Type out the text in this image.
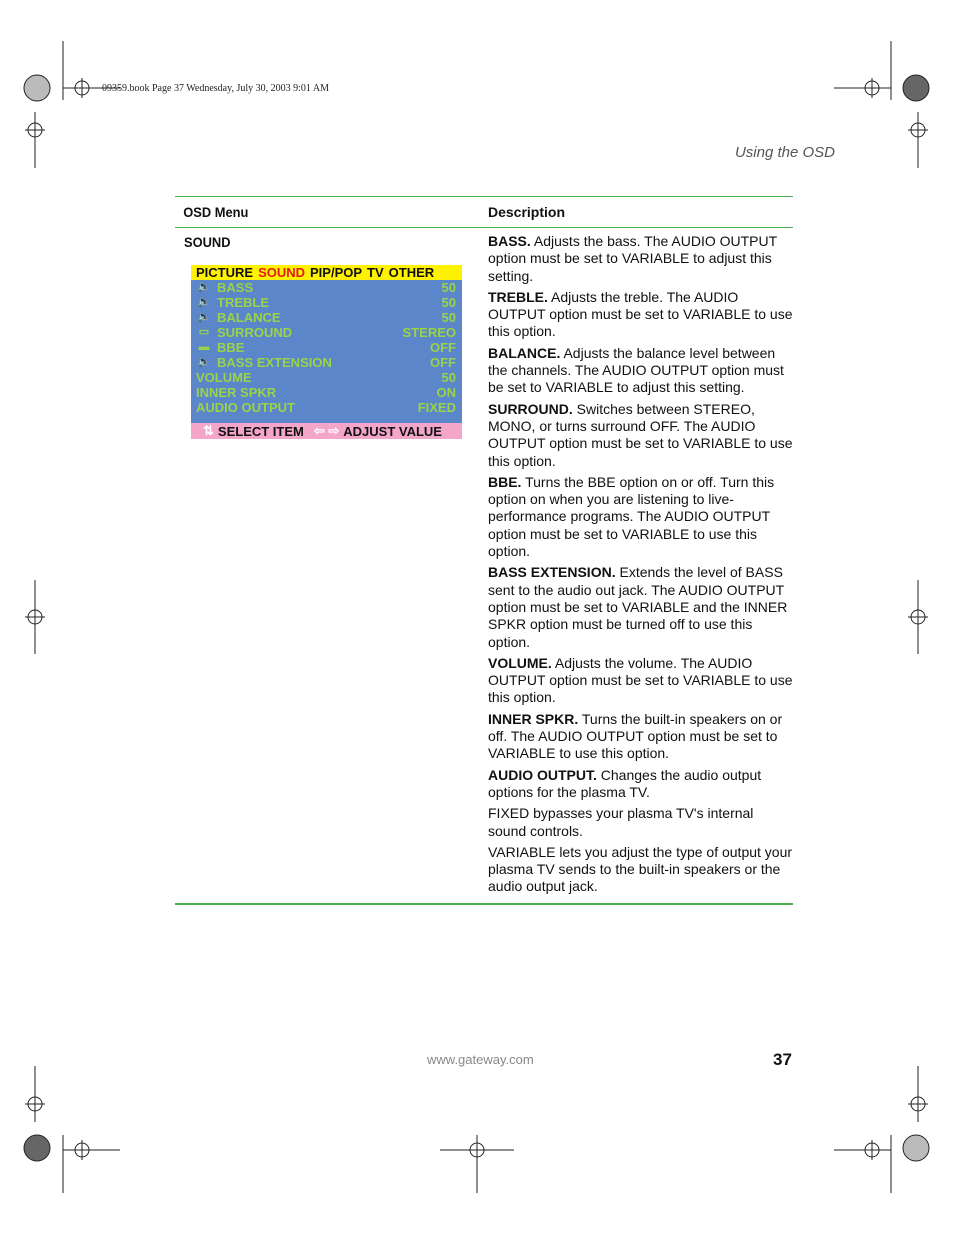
09359.book Page 37 Wednesday, July 30, 2003 9:01 AM
Using the OSD
OSD Menu	Description
SOUND	BASS. Adjusts the bass. The AUDIO OUTPUT option must be set to VARIABLE to adjust this setting.

TREBLE. Adjusts the treble. The AUDIO OUTPUT option must be set to VARIABLE to use this option.

BALANCE. Adjusts the balance level between the channels. The AUDIO OUTPUT option must be set to VARIABLE to adjust this setting.

SURROUND. Switches between STEREO, MONO, or turns surround OFF. The AUDIO OUTPUT option must be set to VARIABLE to use this option.

BBE. Turns the BBE option on or off. Turn this option on when you are listening to live-performance programs. The AUDIO OUTPUT option must be set to VARIABLE to use this option.

BASS EXTENSION. Extends the level of BASS sent to the audio out jack. The AUDIO OUTPUT option must be set to VARIABLE and the INNER SPKR option must be turned off to use this option.

VOLUME. Adjusts the volume. The AUDIO OUTPUT option must be set to VARIABLE to use this option.

INNER SPKR. Turns the built-in speakers on or off. The AUDIO OUTPUT option must be set to VARIABLE to use this option.

AUDIO OUTPUT. Changes the audio output options for the plasma TV.

FIXED bypasses your plasma TV's internal sound controls.

VARIABLE lets you adjust the type of output your plasma TV sends to the built-in speakers or the audio output jack.

PICTURE SOUND PIP/POP TV OTHER
🔈 BASS	50
🔈 TREBLE	50
🔈 BALANCE	50
▭ SURROUND	STEREO
▬ BBE	OFF
🔈 BASS EXTENSION	OFF
VOLUME	50
INNER SPKR	ON
AUDIO OUTPUT	FIXED
⇅ SELECT ITEM ⇦ ⇨ ADJUST VALUE
www.gateway.com	37
